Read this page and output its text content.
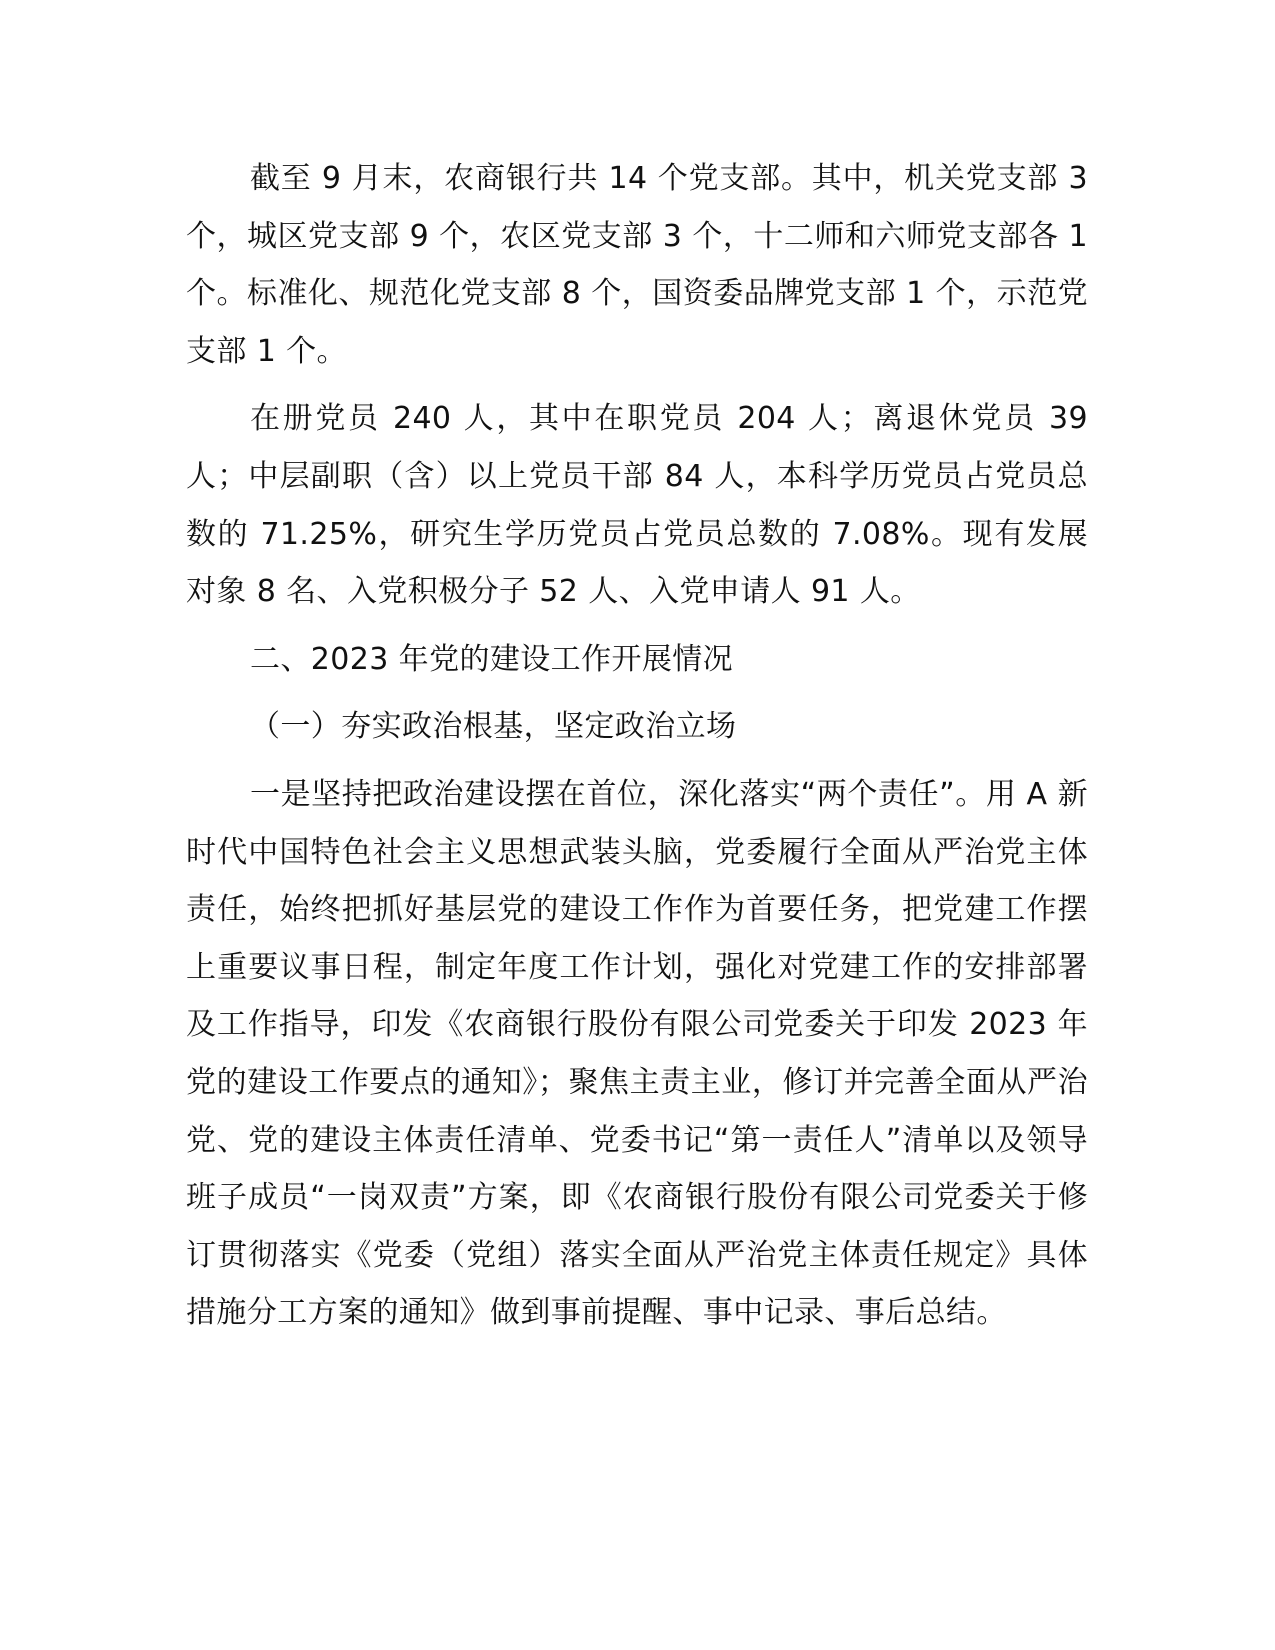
截至 9 月末，农商银行共 14 个党支部。其中，机关党支部 3 个，城区党支部 9 个，农区党支部 3 个，十二师和六师党支部各 1 个。标准化、规范化党支部 8 个，国资委品牌党支部 1 个，示范党支部 1 个。

在册党员 240 人，其中在职党员 204 人；离退休党员 39 人；中层副职（含）以上党员干部 84 人，本科学历党员占党员总数的 71.25%，研究生学历党员占党员总数的 7.08%。现有发展对象 8 名、入党积极分子 52 人、入党申请人 91 人。

二、2023 年党的建设工作开展情况

（一）夯实政治根基，坚定政治立场

一是坚持把政治建设摆在首位，深化落实“两个责任”。用 A 新时代中国特色社会主义思想武装头脑，党委履行全面从严治党主体责任，始终把抓好基层党的建设工作作为首要任务，把党建工作摆上重要议事日程，制定年度工作计划，强化对党建工作的安排部署及工作指导，印发《农商银行股份有限公司党委关于印发 2023 年党的建设工作要点的通知》；聚焦主责主业，修订并完善全面从严治党、党的建设主体责任清单、党委书记“第一责任人”清单以及领导班子成员“一岗双责”方案，即《农商银行股份有限公司党委关于修订贯彻落实《党委（党组）落实全面从严治党主体责任规定》具体措施分工方案的通知》做到事前提醒、事中记录、事后总结。
